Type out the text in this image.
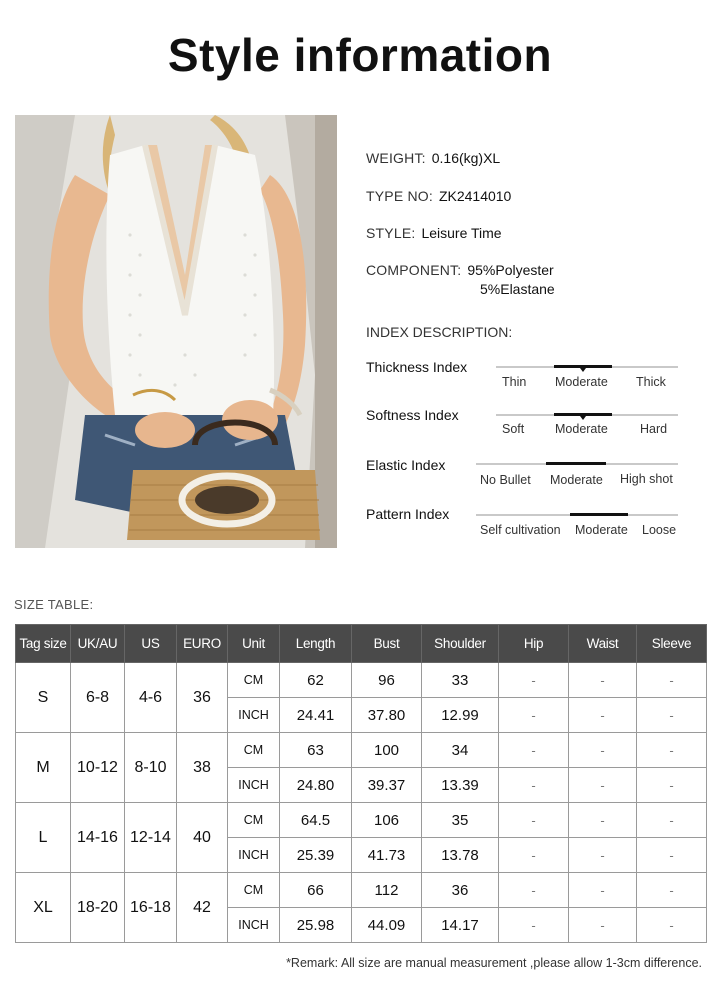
Style information
WEIGHT: 0.16(kg)XL
TYPE NO: ZK2414010
STYLE: Leisure Time
COMPONENT: 95%Polyester
5%Elastane
INDEX DESCRIPTION:
Thickness Index
Thin Moderate Thick
Softness Index
Soft Moderate	Hard
Elastic Index
No Bullet Moderate High shot
Pattern Index
Self cultivation Moderate Loose
SIZE TABLE:
Tag size	UK/AU	US	EURO	Unit	Length	Bust	Shoulder	Hip	Waist	Sleeve
S	6-8	4-6	36	CM	62	96	33	-	-	-
				INCH	24.41	37.80	12.99	-	-	-
M	10-12	8-10	38	CM	63	100	34	-	-	-
				INCH	24.80	39.37	13.39	-	-	-
L	14-16	12-14	40	CM	64.5	106	35	-	-	-
				INCH	25.39	41.73	13.78	-	-	-
XL	18-20	16-18	42	CM	66	112	36	-	-	-
				INCH	25.98	44.09	14.17	-	-	-
*Remark: All size are manual measurement ,please allow 1-3cm difference.
